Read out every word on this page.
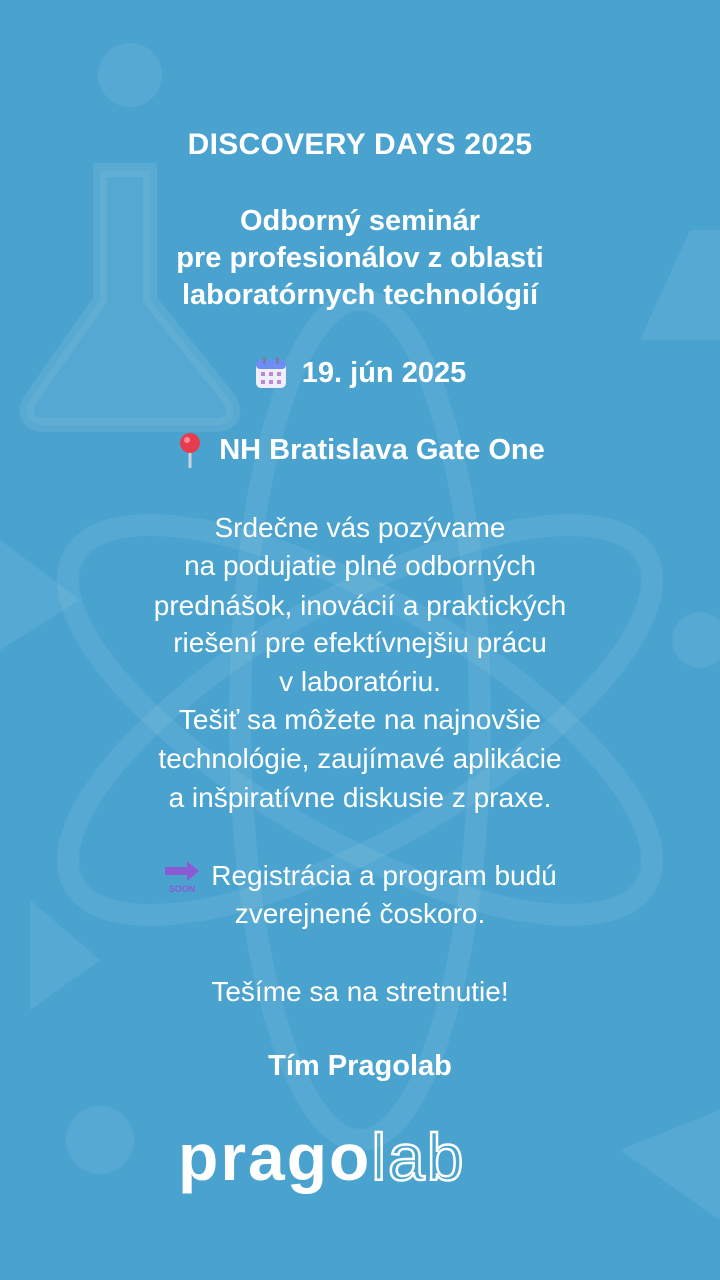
DISCOVERY DAYS 2025
Odborný seminár
pre profesionálov z oblasti
laboratórnych technológií
19. jún 2025
NH Bratislava Gate One
Srdečne vás pozývame
na podujatie plné odborných
prednášok, inovácií a praktických
riešení pre efektívnejšiu prácu
v laboratóriu.
Tešiť sa môžete na najnovšie
technológie, zaujímavé aplikácie
a inšpiratívne diskusie z praxe.
SOON Registrácia a program budú
zverejnené čoskoro.
Tešíme sa na stretnutie!
Tím Pragolab
pragolab
